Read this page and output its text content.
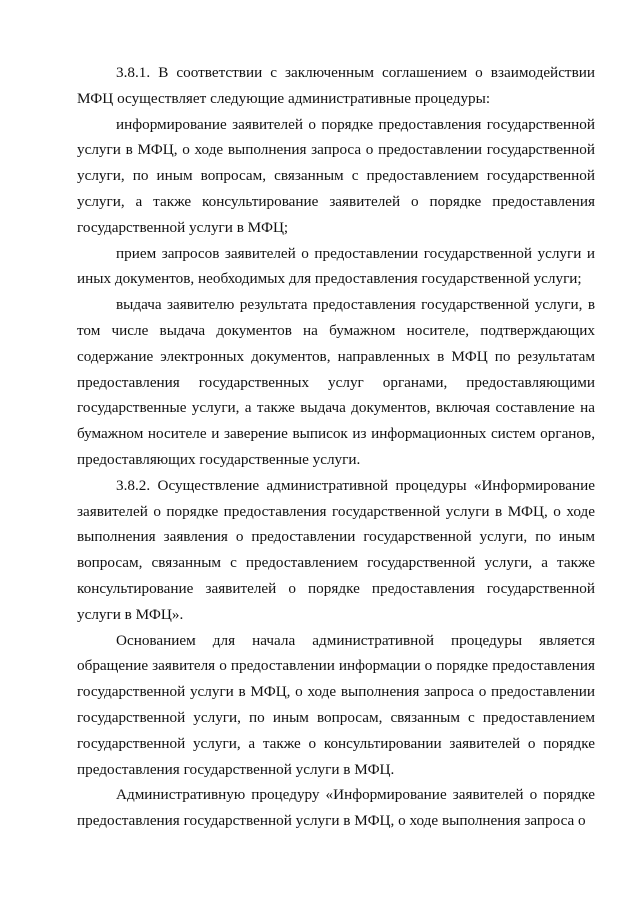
3.8.1. В соответствии с заключенным соглашением о взаимодействии МФЦ осуществляет следующие административные процедуры:

информирование заявителей о порядке предоставления государственной услуги в МФЦ, о ходе выполнения запроса о предоставлении государственной услуги, по иным вопросам, связанным с предоставлением государственной услуги, а также консультирование заявителей о порядке предоставления государственной услуги в МФЦ;

прием запросов заявителей о предоставлении государственной услуги и иных документов, необходимых для предоставления государственной услуги;

выдача заявителю результата предоставления государственной услуги, в том числе выдача документов на бумажном носителе, подтверждающих содержание электронных документов, направленных в МФЦ по результатам предоставления государственных услуг органами, предоставляющими государственные услуги, а также выдача документов, включая составление на бумажном носителе и заверение выписок из информационных систем органов, предоставляющих государственные услуги.

3.8.2. Осуществление административной процедуры «Информирование заявителей о порядке предоставления государственной услуги в МФЦ, о ходе выполнения заявления о предоставлении государственной услуги, по иным вопросам, связанным с предоставлением государственной услуги, а также консультирование заявителей о порядке предоставления государственной услуги в МФЦ».

Основанием для начала административной процедуры является обращение заявителя о предоставлении информации о порядке предоставления государственной услуги в МФЦ, о ходе выполнения запроса о предоставлении государственной услуги, по иным вопросам, связанным с предоставлением государственной услуги, а также о консультировании заявителей о порядке предоставления государственной услуги в МФЦ.

Административную процедуру «Информирование заявителей о порядке предоставления государственной услуги в МФЦ, о ходе выполнения запроса о
